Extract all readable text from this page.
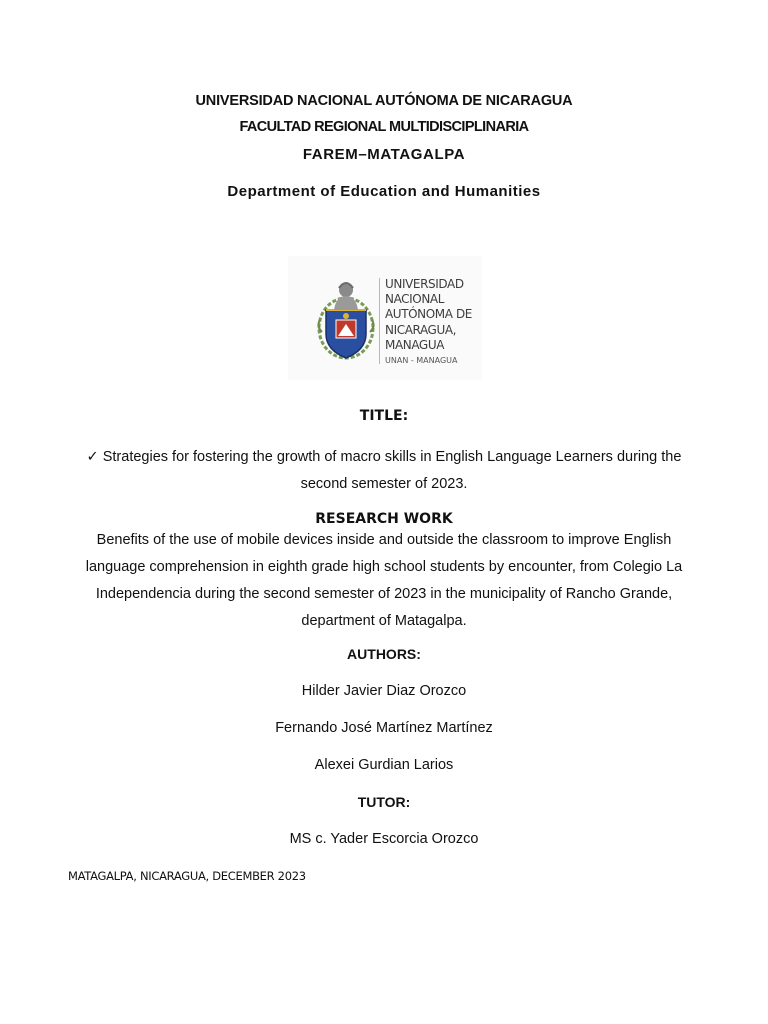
UNIVERSIDAD NACIONAL AUTÓNOMA DE NICARAGUA
FACULTAD REGIONAL MULTIDISCIPLINARIA
FAREM–MATAGALPA
Department of Education and Humanities
UNIVERSIDAD
NACIONAL
AUTÓNOMA DE
NICARAGUA,
MANAGUA
UNAN - MANAGUA
TITLE:
✓ Strategies for fostering the growth of macro skills in English Language Learners during the second semester of 2023.
RESEARCH WORK
Benefits of the use of mobile devices inside and outside the classroom to improve English language comprehension in eighth grade high school students by encounter, from Colegio La Independencia during the second semester of 2023 in the municipality of Rancho Grande, department of Matagalpa.
AUTHORS:
Hilder Javier Diaz Orozco
Fernando José Martínez Martínez
Alexei Gurdian Larios
TUTOR:
MS c. Yader Escorcia Orozco
MATAGALPA, NICARAGUA, DECEMBER 2023
